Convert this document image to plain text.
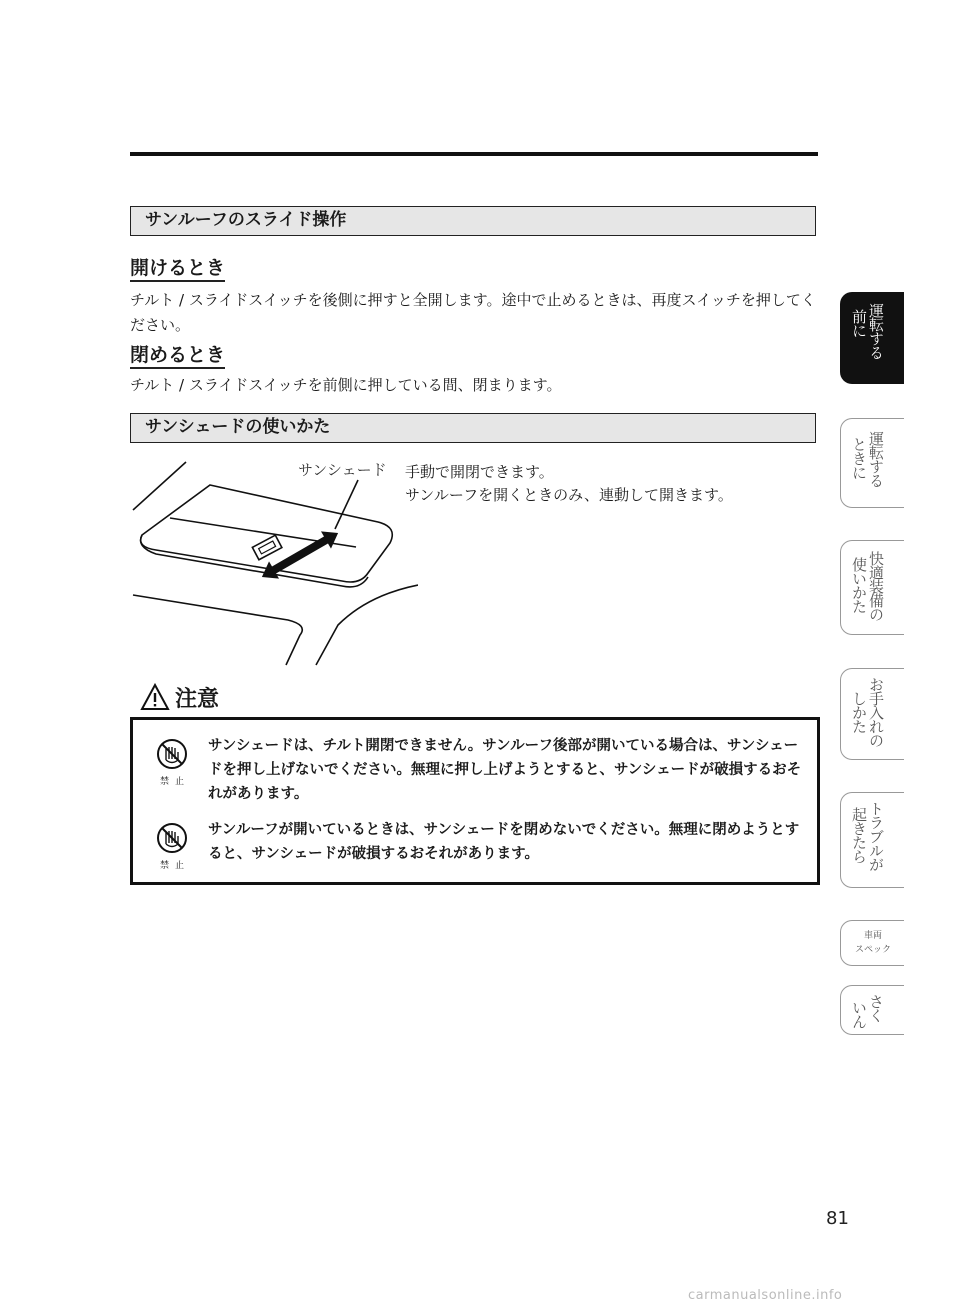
サンルーフのスライド操作
開けるとき
チルト / スライドスイッチを後側に押すと全開します。途中で止めるときは、再度スイッチを押してください。
閉めるとき
チルト / スライドスイッチを前側に押している間、閉まります。
サンシェードの使いかた
サンシェード 手動で開閉できます。
サンルーフを開くときのみ、連動して開きます。
注意
禁止
サンシェードは、チルト開閉できません。サンルーフ後部が開いている場合は、サンシェードを押し上げないでください。無理に押し上げようとすると、サンシェードが破損するおそれがあります。
禁止
サンルーフが開いているときは、サンシェードを閉めないでください。無理に閉めようとすると、サンシェードが破損するおそれがあります。
運転する
前に
運転する
ときに
快適装備の
使いかた
お手入れの
しかた
トラブルが
起きたら
車両
スペック
さく
いん
81
carmanualsonline.info
